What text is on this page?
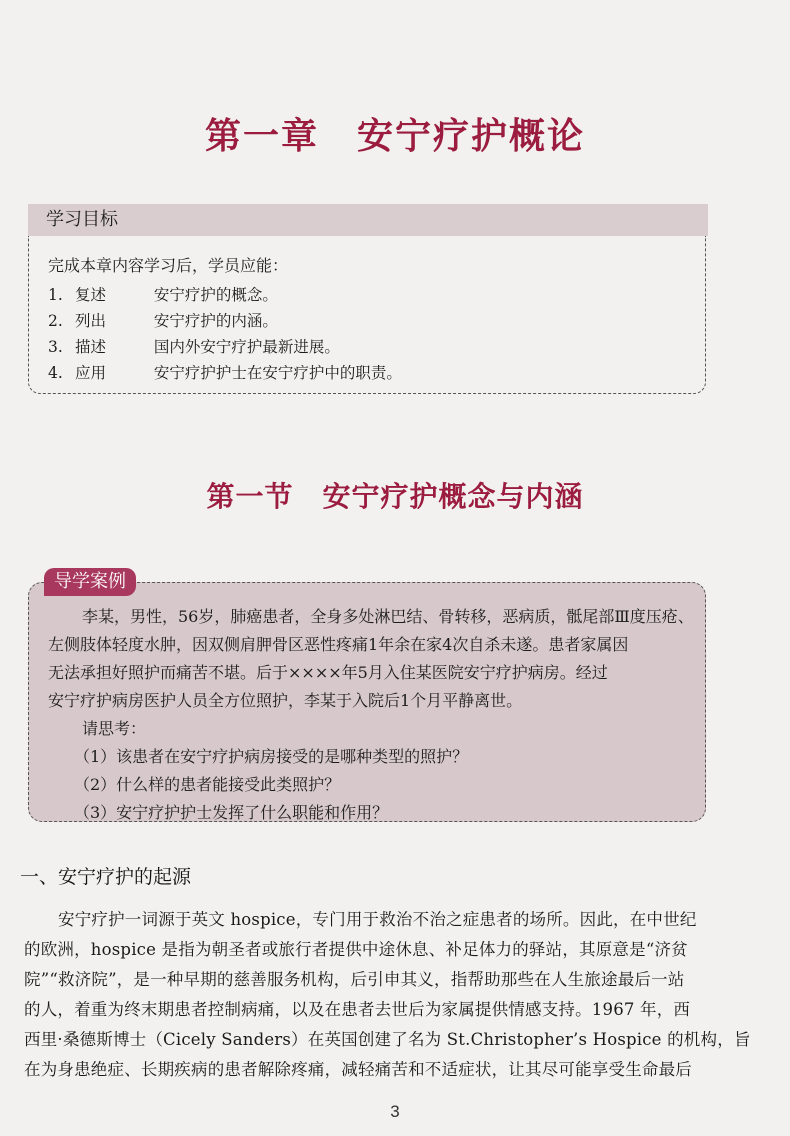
第一章　安宁疗护概论
学习目标
完成本章内容学习后，学员应能：
1. 复述	安宁疗护的概念。
2. 列出	安宁疗护的内涵。
3. 描述	国内外安宁疗护最新进展。
4. 应用	安宁疗护护士在安宁疗护中的职责。
第一节　安宁疗护概念与内涵
导学案例
李某，男性，56岁，肺癌患者，全身多处淋巴结、骨转移，恶病质，骶尾部Ⅲ度压疮、
左侧肢体轻度水肿，因双侧肩胛骨区恶性疼痛1年余在家4次自杀未遂。患者家属因
无法承担好照护而痛苦不堪。后于××××年5月入住某医院安宁疗护病房。经过
安宁疗护病房医护人员全方位照护，李某于入院后1个月平静离世。
请思考：
（1）该患者在安宁疗护病房接受的是哪种类型的照护？
（2）什么样的患者能接受此类照护？
（3）安宁疗护护士发挥了什么职能和作用？
一、安宁疗护的起源
安宁疗护一词源于英文 hospice，专门用于救治不治之症患者的场所。因此，在中世纪
的欧洲，hospice 是指为朝圣者或旅行者提供中途休息、补足体力的驿站，其原意是“济贫
院”“救济院”，是一种早期的慈善服务机构，后引申其义，指帮助那些在人生旅途最后一站
的人，着重为终末期患者控制病痛，以及在患者去世后为家属提供情感支持。1967 年，西
西里·桑德斯博士（Cicely Sanders）在英国创建了名为 St.Christopher’s Hospice 的机构，旨
在为身患绝症、长期疾病的患者解除疼痛，减轻痛苦和不适症状，让其尽可能享受生命最后
3
